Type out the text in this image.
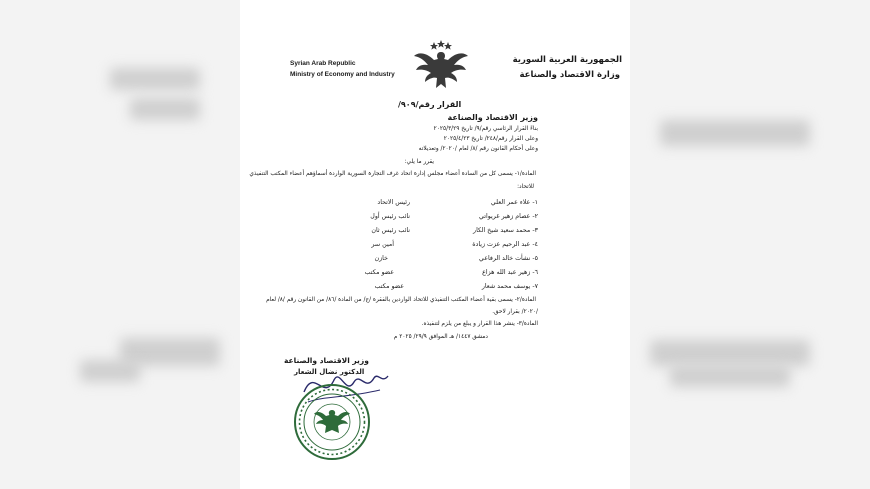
الجمهورية العربية السورية
وزارة الاقتصاد والصناعة
Syrian Arab Republic
Ministry of Economy and Industry
القرار رقم/٩٠٩/
وزير الاقتصاد والصناعة
بناءً القرار الرئاسي رقم/٩/ تاريخ ٢٠٢٥/٣/٢٩
وعلى القرار رقم/٢٤٨/ تاريخ ٢٠٢٥/٤/٢٣
وعلى أحكام القانون رقم /٨/ لعام /٢٠٢٠/ وتعديلاته
يقرر ما يلي:
المادة/١- يسمى كل من السادة أعضاء مجلس إدارة اتحاد غرف التجارة السورية الواردة أسماؤهم أعضاء المكتب التنفيذي
للاتحاد:
١- علاء عمر العلي
رئيس الاتحاد
٢- عصام زهير غريواتي
نائب رئيس أول
٣- محمد سعيد شيخ الكار
نائب رئيس ثان
٤- عبد الرحيم عزت زيادة
أمين سر
٥- نشأت خالد الرفاعي
خازن
٦- زهير عبد الله هزاع
عضو مكتب
٧- يوسف محمد شعار
عضو مكتب
المادة/٢- يسمى بقية أعضاء المكتب التنفيذي للاتحاد الواردين بالفقرة /ج/ من المادة /٨٦/ من القانون رقم /٨/ لعام
/٢٠٢٠/ بقرار لاحق.
المادة/٣- ينشر هذا القرار و يبلغ من يلزم لتنفيذه.
دمشق ١٤٤٧/ هـ الموافق ٢٩/٩/ ٢٠٢٥ م
وزير الاقتصاد والصناعة
الدكتور نضال الشعار
